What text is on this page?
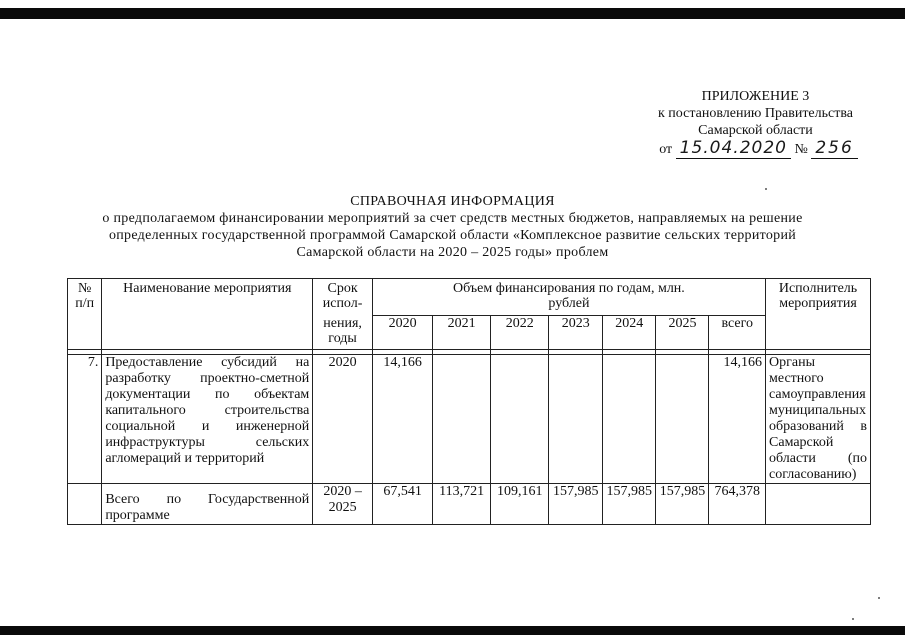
ПРИЛОЖЕНИЕ 3
к постановлению Правительства
Самарской области
от 15.04.2020 № 256
СПРАВОЧНАЯ ИНФОРМАЦИЯ
о предполагаемом финансировании мероприятий за счет средств местных бюджетов, направляемых на решение
определенных государственной программой Самарской области «Комплексное развитие сельских территорий
Самарской области на 2020 – 2025 годы» проблем
№ п/п	Наименование мероприятия	Срок испол-	Объем финансирования по годам, млн. рублей							Исполнитель мероприятия
		нения, годы	2020	2021	2022	2023	2024	2025	всего	

7.	Предоставление субсидий на разработку проектно-сметной документации по объектам капитального строительства социальной и инженерной инфраструктуры сельских агломераций и территорий	2020	14,166						14,166	Органы местного самоуправления муниципальных образований в Самарской области (по согласованию)
	Всего по Государственной программе	2020 – 2025	67,541	113,721	109,161	157,985	157,985	157,985	764,378	
